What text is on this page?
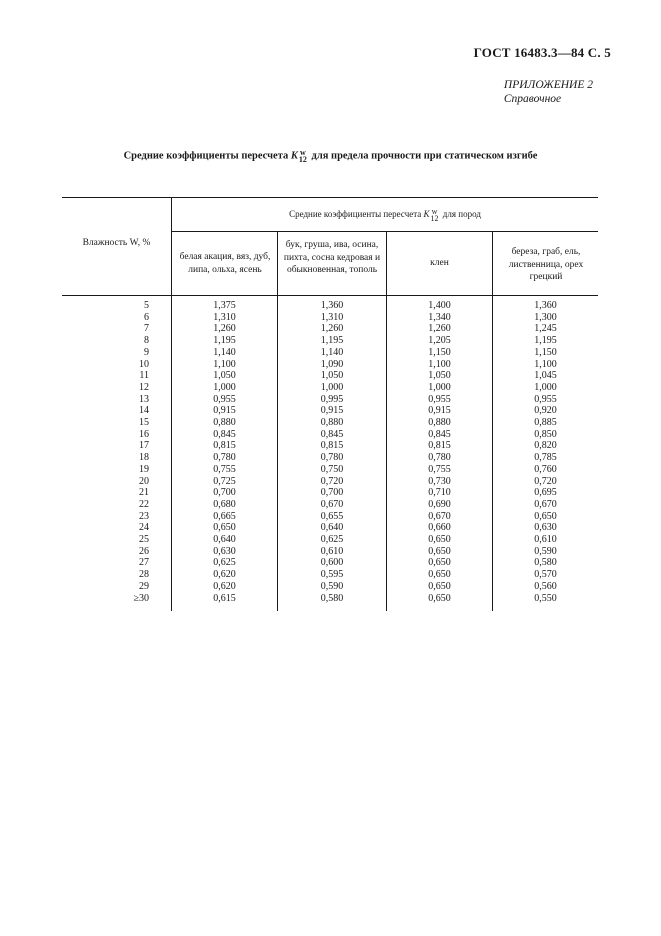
ГОСТ 16483.3—84 С. 5
ПРИЛОЖЕНИЕ 2
Справочное
Средние коэффициенты пересчета K w
12 для предела прочности при статическом изгибе
Влажность W, %
Средние коэффициенты пересчета K w
12 для пород
белая акация, вяз, дуб, липа, ольха, ясень
бук, груша, ива, осина, пихта, сосна кедровая и обыкновенная, тополь
клен
береза, граб, ель, лиственница, орех грецкий
5	1,375	1,360	1,400	1,360
6	1,310	1,310	1,340	1,300
7	1,260	1,260	1,260	1,245
8	1,195	1,195	1,205	1,195
9	1,140	1,140	1,150	1,150
10	1,100	1,090	1,100	1,100
11	1,050	1,050	1,050	1,045
12	1,000	1,000	1,000	1,000
13	0,955	0,995	0,955	0,955
14	0,915	0,915	0,915	0,920
15	0,880	0,880	0,880	0,885
16	0,845	0,845	0,845	0,850
17	0,815	0,815	0,815	0,820
18	0,780	0,780	0,780	0,785
19	0,755	0,750	0,755	0,760
20	0,725	0,720	0,730	0,720
21	0,700	0,700	0,710	0,695
22	0,680	0,670	0,690	0,670
23	0,665	0,655	0,670	0,650
24	0,650	0,640	0,660	0,630
25	0,640	0,625	0,650	0,610
26	0,630	0,610	0,650	0,590
27	0,625	0,600	0,650	0,580
28	0,620	0,595	0,650	0,570
29	0,620	0,590	0,650	0,560
≥30	0,615	0,580	0,650	0,550
